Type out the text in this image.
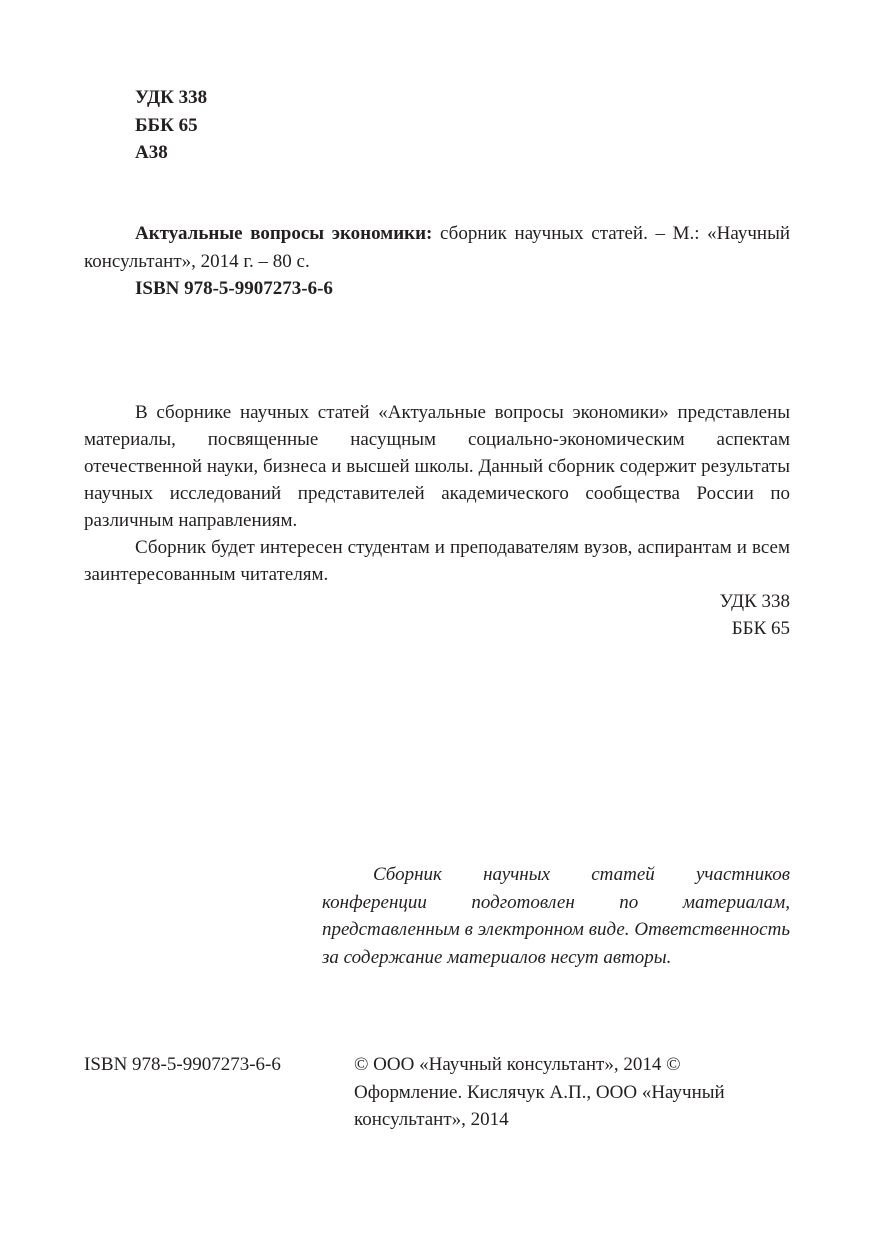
УДК 338
ББК 65
А38
Актуальные вопросы экономики: сборник научных статей. – М.: «Научный консультант», 2014 г. – 80 с.
ISBN 978-5-9907273-6-6

В сборнике научных статей «Актуальные вопросы экономики» представлены материалы, посвященные насущным социально-экономическим аспектам отечественной науки, бизнеса и высшей школы. Данный сборник содержит результаты научных исследований представителей академического сообщества России по различным направлениям.

Сборник будет интересен студентам и преподавателям вузов, аспирантам и всем заинтересованным читателям.

УДК 338
ББК 65

Сборник научных статей участников конференции подготовлен по материалам, представленным в электронном виде. Ответственность за содержание материалов несут авторы.

ISBN 978-5-9907273-6-6	© ООО «Научный консультант», 2014 © Оформление. Кислячук А.П., ООО «Научный консультант», 2014
